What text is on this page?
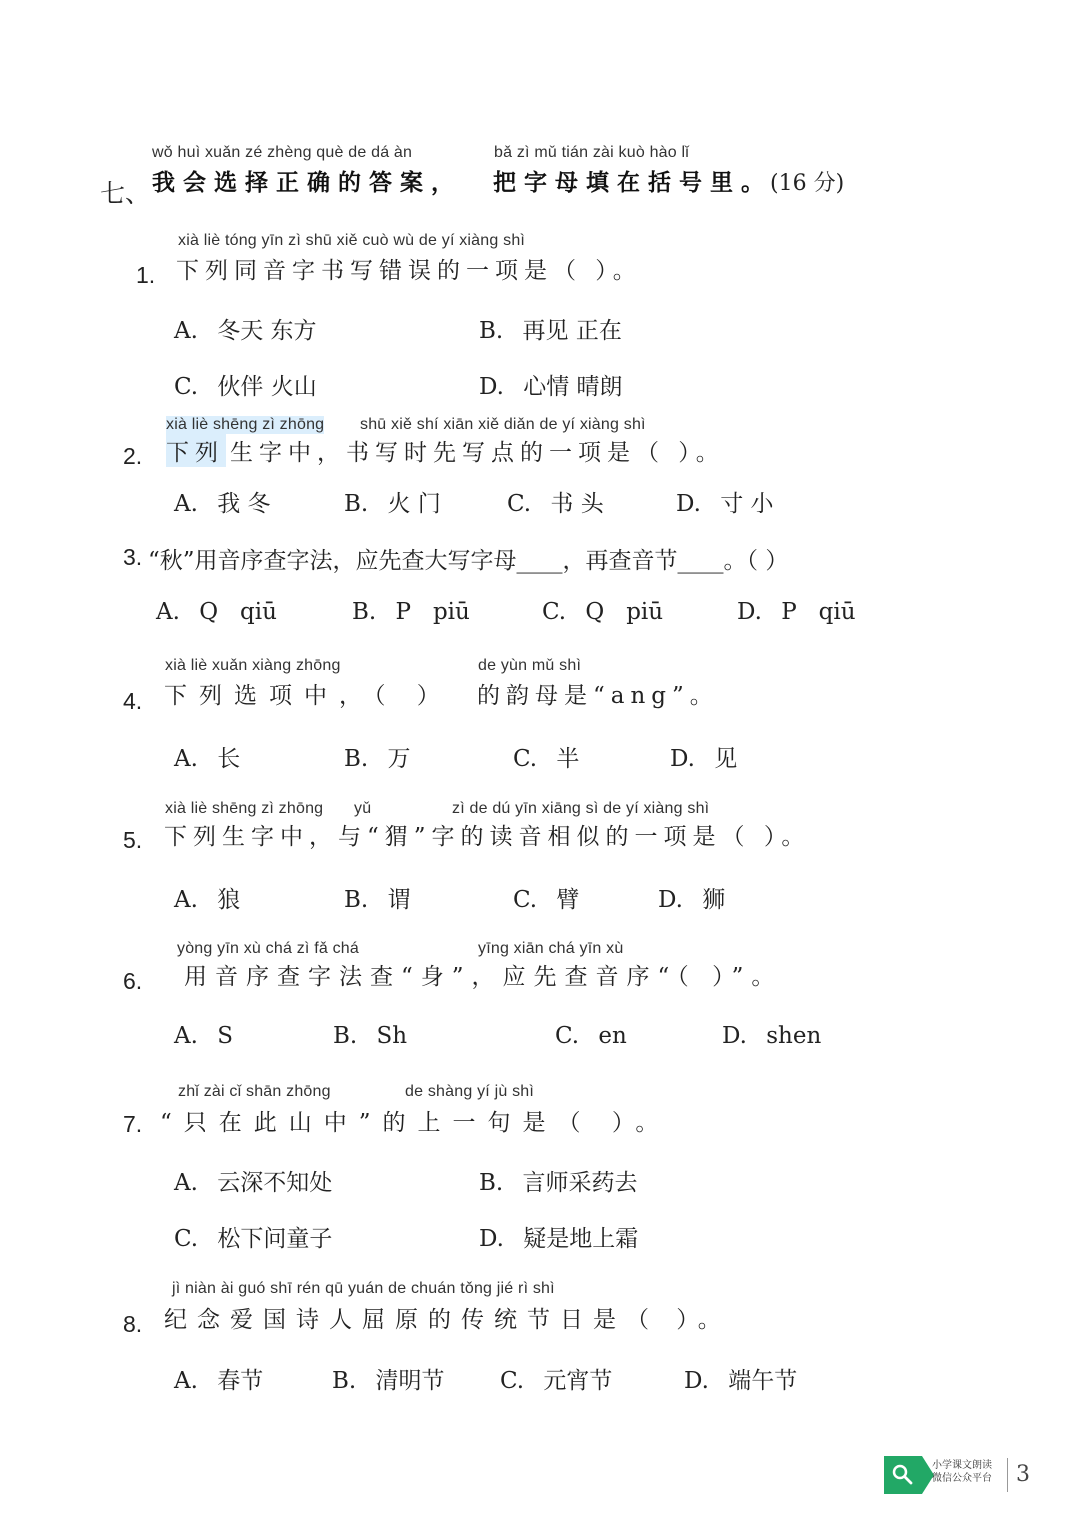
wǒ huì xuǎn zé zhèng què de dá àn	bǎ zì mǔ tián zài kuò hào lǐ
七、 我会选择正确的答案， 把字母填在括号里。
(16 分)
xià liè tóng yīn zì shū xiě cuò wù de yí xiàng shì
1. 下列同音字书写错误的一项是（ ）。
A. 冬天 东方	B. 再见 正在
C. 伙伴 火山	D. 心情 晴朗
xià liè shēng zì zhōng shū xiě shí xiān xiě diǎn de yí xiàng shì
2. 下列 生字中，书写时先写点的一项是（ ）。
A. 我 冬	B. 火 门	C. 书 头	D. 寸 小
3. “秋”用音序查字法，应先查大写字母____，再查音节____。（ ）
A. Q   qiū	B. P   piū	C. Q   piū	D. P   qiū
xià liè xuǎn xiàng zhōng	de yùn mǔ shì
4. 下列选项中，（ ） 的韵母是“ang”。
A. 长	B. 万	C. 半	D. 见
xià liè shēng zì zhōng yǔ	zì de dú yīn xiāng sì de yí xiàng shì
5. 下列生字中，与“猬”字的读音相似的一项是（ ）。
A. 狼	B. 谓	C. 臂	D. 狮
yòng yīn xù chá zì fǎ chá	yīng xiān chá yīn xù
6. 用音序查字法查“身”，应先查音序“（ ）”。
A. S	B. Sh	C. en	D. shen
zhǐ zài cǐ shān zhōng	de shàng yí jù shì
7. “只在此山中”的上一句是（ ）。
A. 云深不知处	B. 言师采药去
C. 松下问童子	D. 疑是地上霜
jì niàn ài guó shī rén qū yuán de chuán tǒng jié rì shì
8. 纪念爱国诗人屈原的传统节日是（ ）。
A. 春节	B. 清明节 C. 元宵节	D. 端午节
小学课文朗读
微信公众平台 3
